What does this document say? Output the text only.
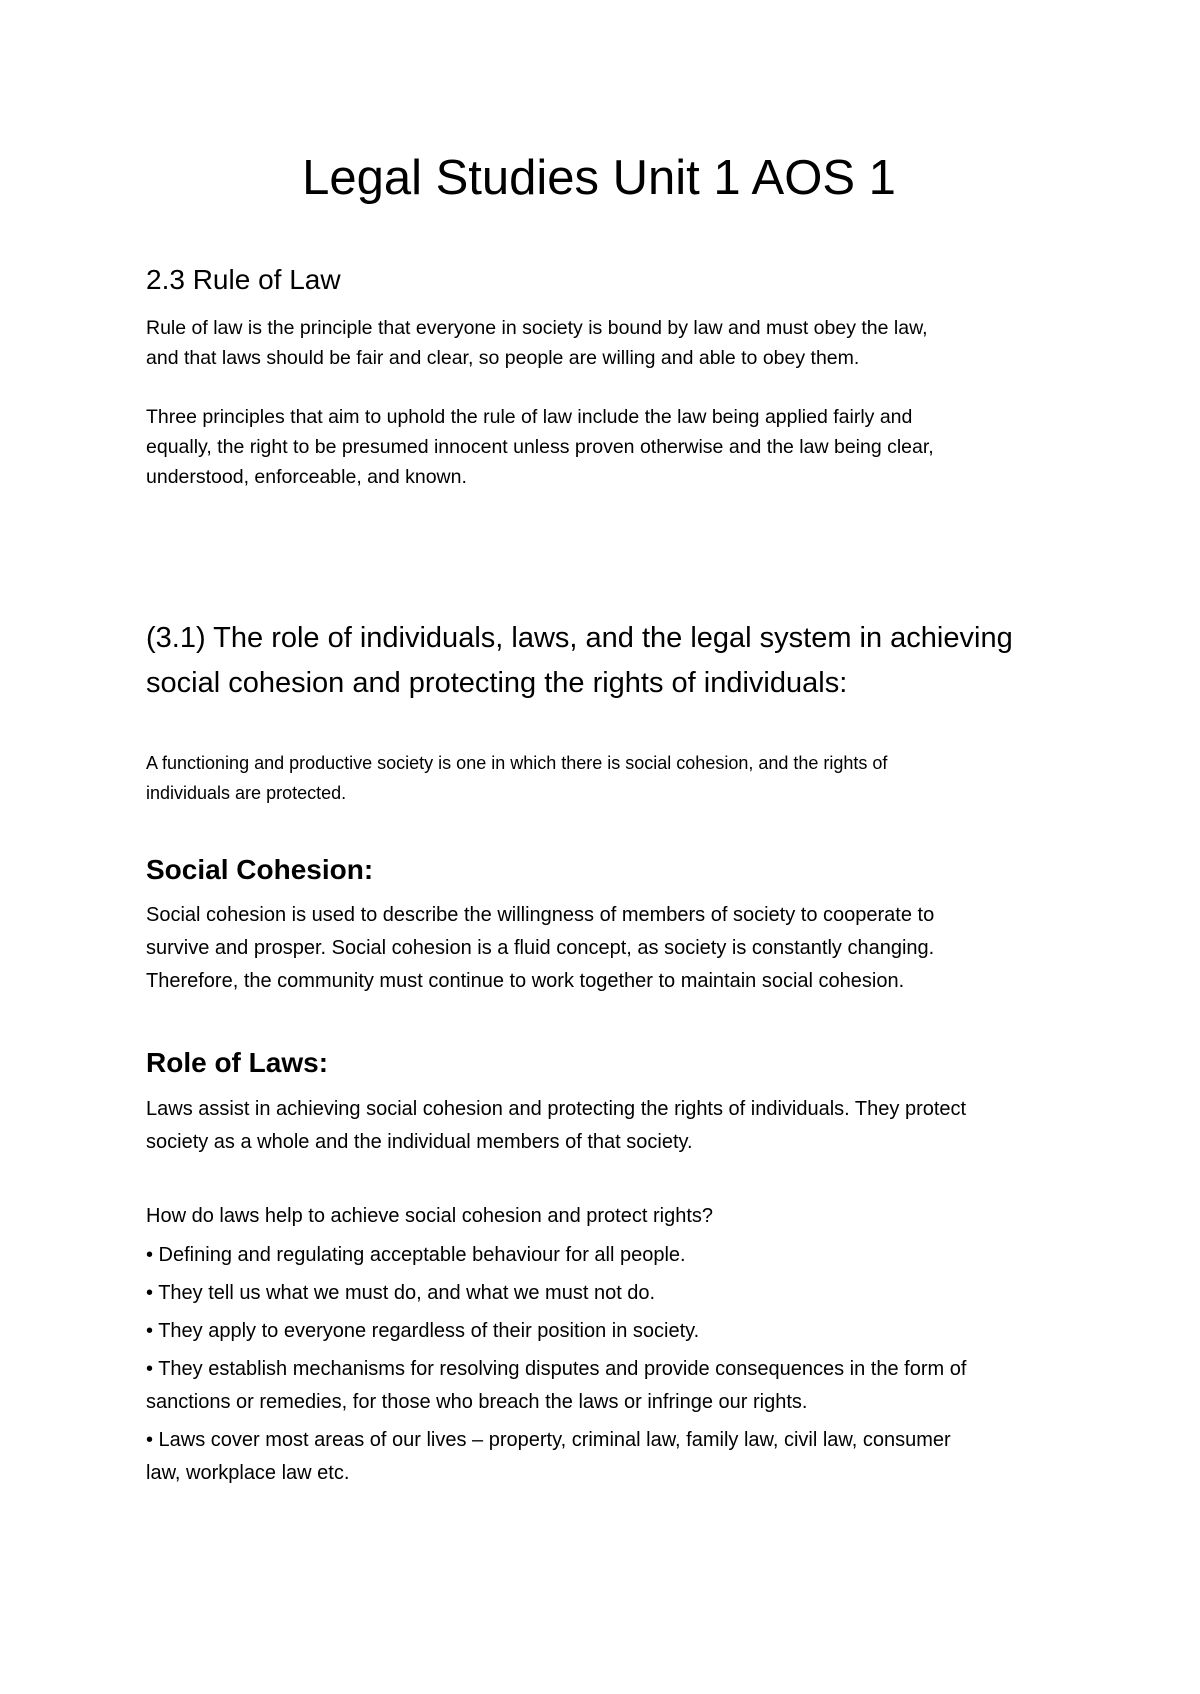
Legal Studies Unit 1 AOS 1
2.3 Rule of Law

Rule of law is the principle that everyone in society is bound by law and must obey the law,

and that laws should be fair and clear, so people are willing and able to obey them.

Three principles that aim to uphold the rule of law include the law being applied fairly and

equally, the right to be presumed innocent unless proven otherwise and the law being clear,

understood, enforceable, and known.

(3.1) The role of individuals, laws, and the legal system in achieving
social cohesion and protecting the rights of individuals:

A functioning and productive society is one in which there is social cohesion, and the rights of

individuals are protected.

Social Cohesion:

Social cohesion is used to describe the willingness of members of society to cooperate to

survive and prosper. Social cohesion is a fluid concept, as society is constantly changing.

Therefore, the community must continue to work together to maintain social cohesion.

Role of Laws:

Laws assist in achieving social cohesion and protecting the rights of individuals. They protect

society as a whole and the individual members of that society.

How do laws help to achieve social cohesion and protect rights?

• Defining and regulating acceptable behaviour for all people.
• They tell us what we must do, and what we must not do.
• They apply to everyone regardless of their position in society.
• They establish mechanisms for resolving disputes and provide consequences in the form of
sanctions or remedies, for those who breach the laws or infringe our rights.
• Laws cover most areas of our lives – property, criminal law, family law, civil law, consumer
law, workplace law etc.
